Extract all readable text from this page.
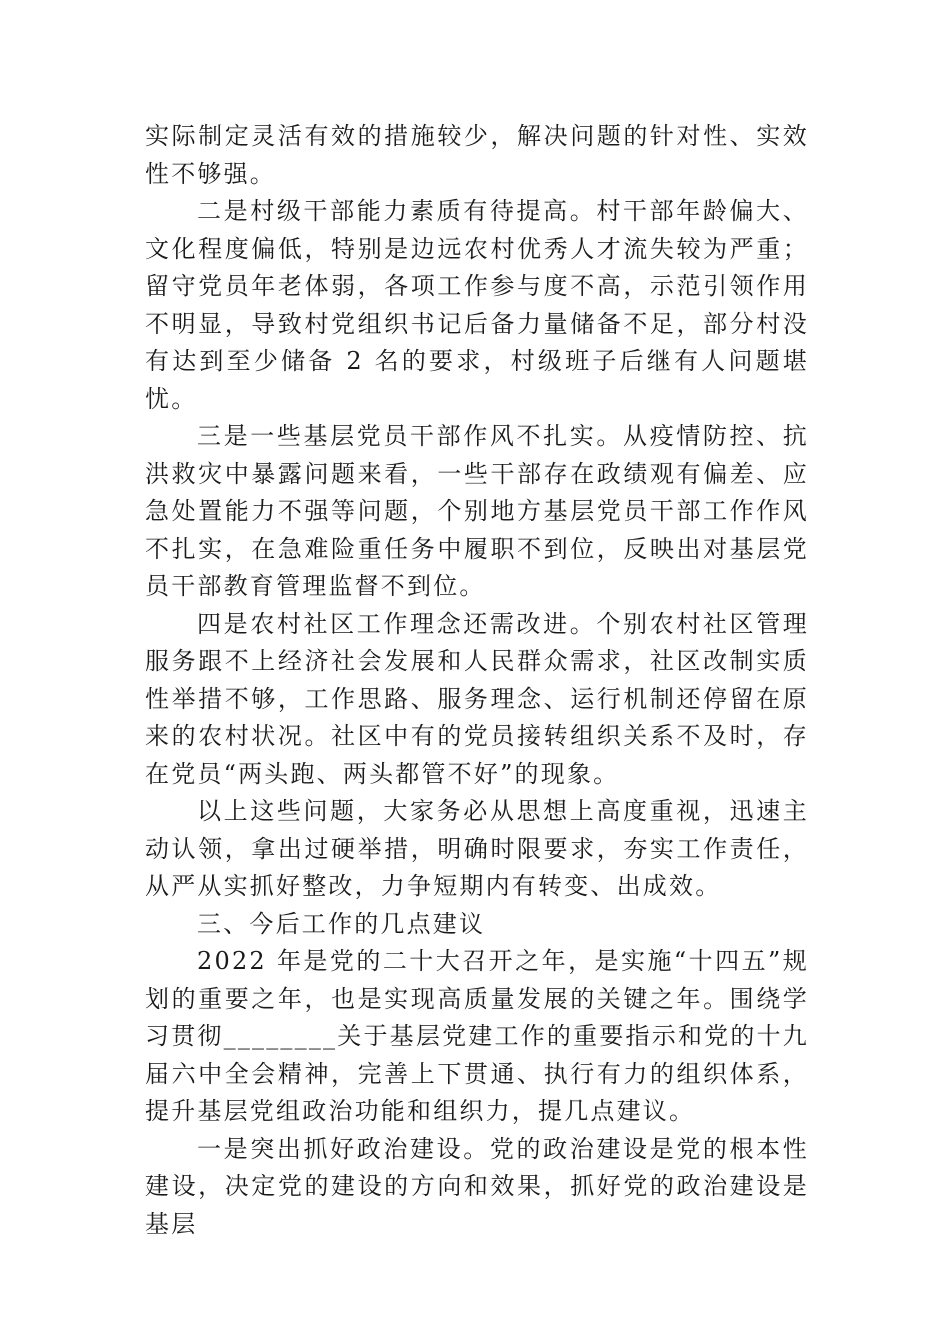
实际制定灵活有效的措施较少，解决问题的针对性、实效性不够强。

二是村级干部能力素质有待提高。村干部年龄偏大、文化程度偏低，特别是边远农村优秀人才流失较为严重；留守党员年老体弱，各项工作参与度不高，示范引领作用不明显，导致村党组织书记后备力量储备不足，部分村没有达到至少储备 2 名的要求，村级班子后继有人问题堪忧。

三是一些基层党员干部作风不扎实。从疫情防控、抗洪救灾中暴露问题来看，一些干部存在政绩观有偏差、应急处置能力不强等问题，个别地方基层党员干部工作作风不扎实，在急难险重任务中履职不到位，反映出对基层党员干部教育管理监督不到位。

四是农村社区工作理念还需改进。个别农村社区管理服务跟不上经济社会发展和人民群众需求，社区改制实质性举措不够，工作思路、服务理念、运行机制还停留在原来的农村状况。社区中有的党员接转组织关系不及时，存在党员“两头跑、两头都管不好”的现象。

以上这些问题，大家务必从思想上高度重视，迅速主动认领，拿出过硬举措，明确时限要求，夯实工作责任，从严从实抓好整改，力争短期内有转变、出成效。

三、今后工作的几点建议

2022 年是党的二十大召开之年，是实施“十四五”规划的重要之年，也是实现高质量发展的关键之年。围绕学习贯彻________关于基层党建工作的重要指示和党的十九届六中全会精神，完善上下贯通、执行有力的组织体系，提升基层党组政治功能和组织力，提几点建议。

一是突出抓好政治建设。党的政治建设是党的根本性建设，决定党的建设的方向和效果，抓好党的政治建设是基层
